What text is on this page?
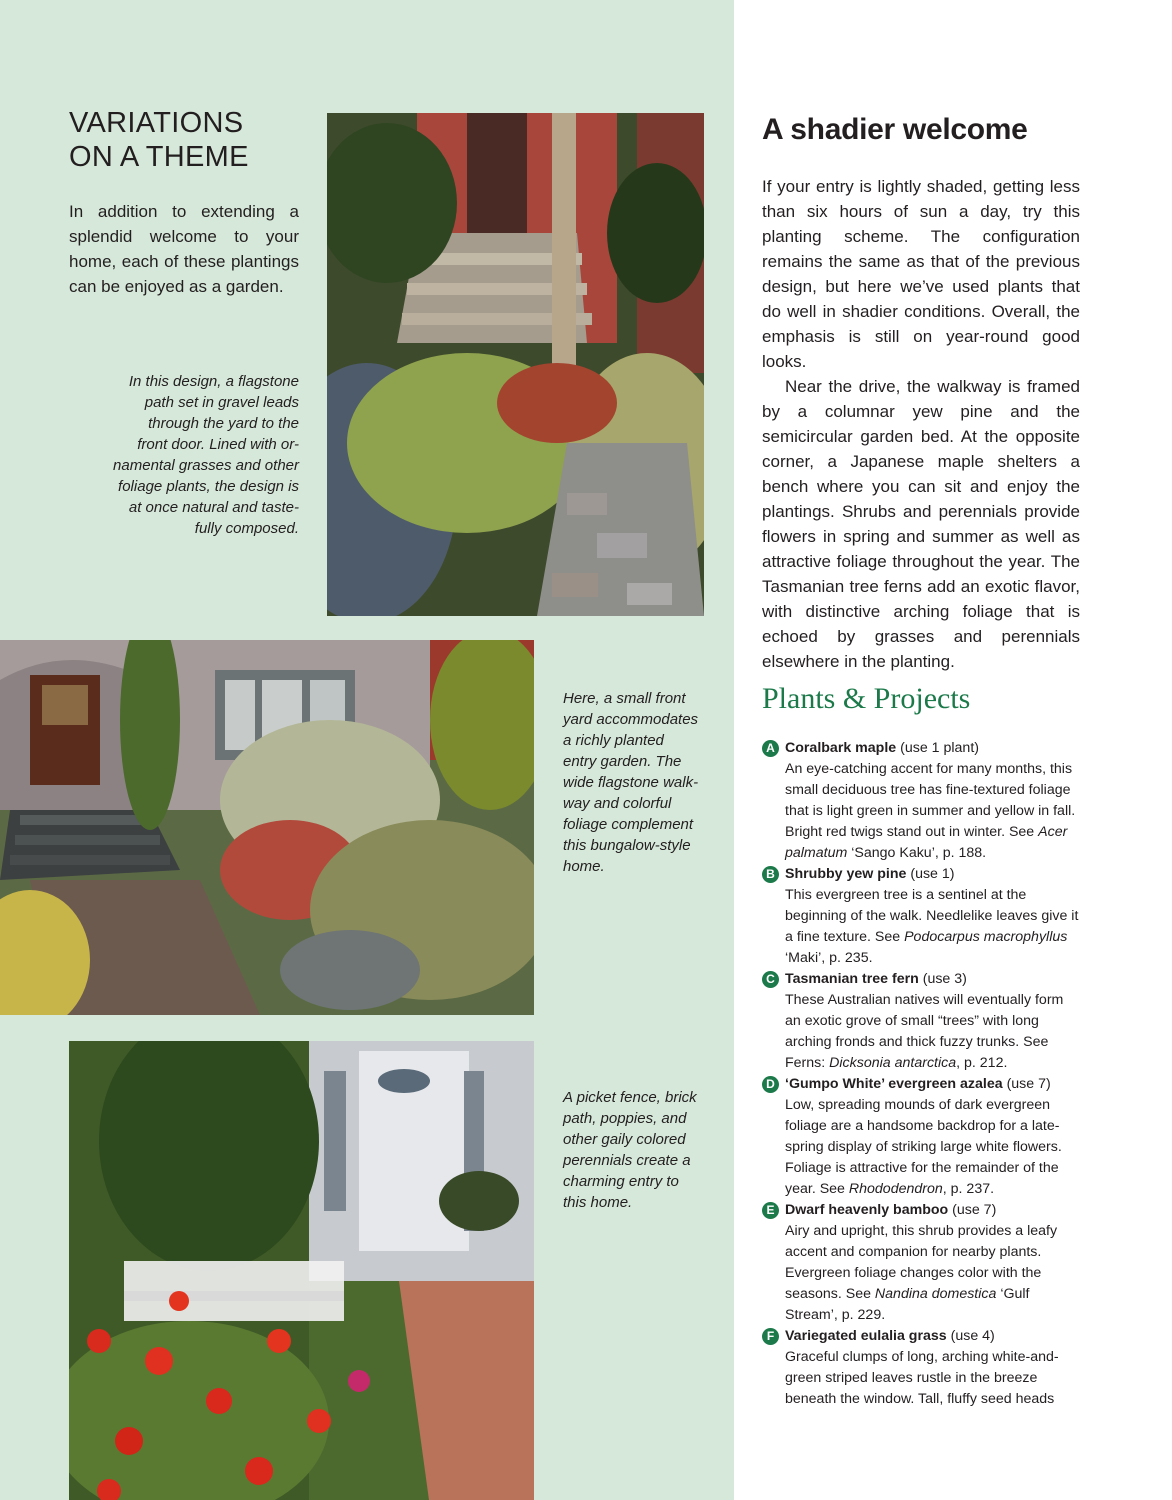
VARIATIONS
ON A THEME

In addition to extending a splendid welcome to your home, each of these plantings can be enjoyed as a garden.

In this design, a flagstone

path set in gravel leads

through the yard to the

front door. Lined with or-

namental grasses and other

foliage plants, the design is

at once natural and taste-

fully composed.

Here, a small front

yard accommodates

a richly planted

entry garden. The

wide flagstone walk-

way and colorful

foliage complement

this bungalow-style

home.

A picket fence, brick

path, poppies, and

other gaily colored

perennials create a

charming entry to

this home.

A shadier welcome

If your entry is lightly shaded, getting less than six hours of sun a day, try this planting scheme. The configuration remains the same as that of the previous design, but here we’ve used plants that do well in shadier conditions. Overall, the emphasis is still on year-round good looks.

Near the drive, the walkway is framed by a columnar yew pine and the semicircular garden bed. At the opposite corner, a Japanese maple shelters a bench where you can sit and enjoy the plantings. Shrubs and perennials provide flowers in spring and summer as well as attractive foliage throughout the year. The Tasmanian tree ferns add an exotic flavor, with distinctive arching foliage that is echoed by grasses and perennials elsewhere in the planting.

Plants & Projects
A Coralbark maple (use 1 plant)
An eye-catching accent for many months, this small deciduous tree has fine-textured foliage that is light green in summer and yellow in fall. Bright red twigs stand out in winter. See Acer palmatum ‘Sango Kaku’, p. 188.
B Shrubby yew pine (use 1)
This evergreen tree is a sentinel at the beginning of the walk. Needlelike leaves give it a fine texture. See Podocarpus macrophyllus ‘Maki’, p. 235.
C Tasmanian tree fern (use 3)
These Australian natives will eventually form an exotic grove of small “trees” with long arching fronds and thick fuzzy trunks. See Ferns: Dicksonia antarctica, p. 212.
D ‘Gumpo White’ evergreen azalea (use 7)
Low, spreading mounds of dark evergreen foliage are a handsome backdrop for a late-spring display of striking large white flowers. Foliage is attractive for the remainder of the year. See Rhododendron, p. 237.
E Dwarf heavenly bamboo (use 7)
Airy and upright, this shrub provides a leafy accent and companion for nearby plants. Evergreen foliage changes color with the seasons. See Nandina domestica ‘Gulf Stream’, p. 229.
F Variegated eulalia grass (use 4)
Graceful clumps of long, arching white-and-green striped leaves rustle in the breeze beneath the window. Tall, fluffy seed heads
